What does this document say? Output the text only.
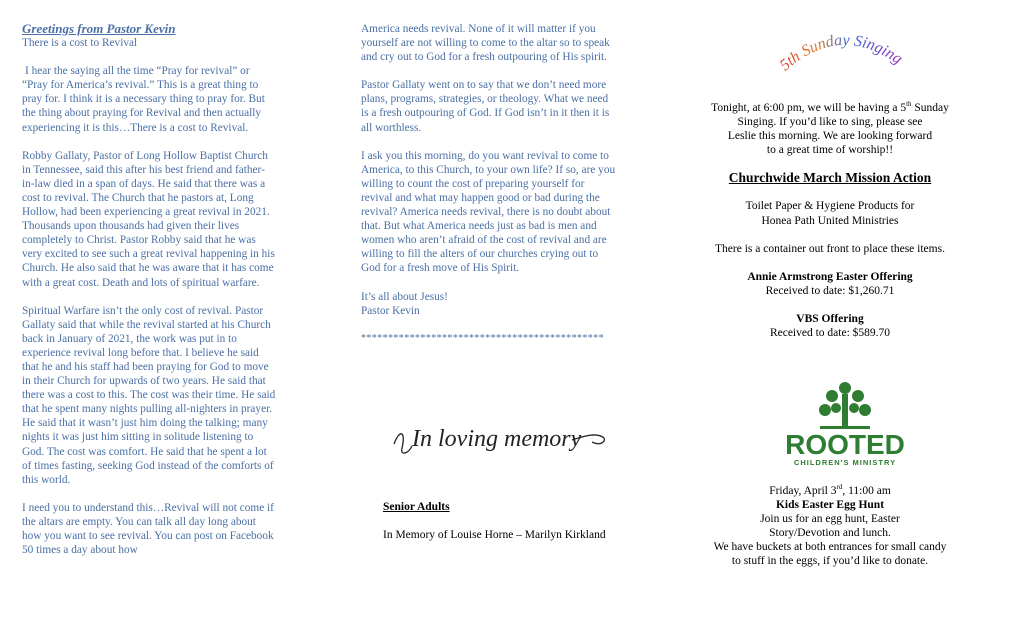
Greetings from Pastor Kevin

There is a cost to Revival

I hear the saying all the time “Pray for revival” or “Pray for America’s revival.” This is a great thing to pray for. I think it is a necessary thing to pray for. But the thing about praying for Revival and then actually experiencing it is this…There is a cost to Revival.

Robby Gallaty, Pastor of Long Hollow Baptist Church in Tennessee, said this after his best friend and father-in-law died in a span of days. He said that there was a cost to revival. The Church that he pastors at, Long Hollow, had been experiencing a great revival in 2021. Thousands upon thousands had given their lives completely to Christ. Pastor Robby said that he was very excited to see such a great revival happening in his Church. He also said that he was aware that it has come with a great cost. Death and lots of spiritual warfare.

Spiritual Warfare isn’t the only cost of revival. Pastor Gallaty said that while the revival started at his Church back in January of 2021, the work was put in to experience revival long before that. I believe he said that he and his staff had been praying for God to move in their Church for upwards of two years. He said that there was a cost to this. The cost was their time. He said that he spent many nights pulling all-nighters in prayer. He said that it wasn’t just him doing the talking; many nights it was just him sitting in solitude listening to God. The cost was comfort. He said that he spent a lot of times fasting, seeking God instead of the comforts of this world.

I need you to understand this…Revival will not come if the altars are empty. You can talk all day long about how you want to see revival. You can post on Facebook 50 times a day about how

America needs revival. None of it will matter if you yourself are not willing to come to the altar so to speak and cry out to God for a fresh outpouring of His spirit.

Pastor Gallaty went on to say that we don’t need more plans, programs, strategies, or theology. What we need is a fresh outpouring of God. If God isn’t in it then it is all worthless.

I ask you this morning, do you want revival to come to America, to this Church, to your own life? If so, are you willing to count the cost of preparing yourself for revival and what may happen good or bad during the revival? America needs revival, there is no doubt about that. But what America needs just as bad is men and women who aren’t afraid of the cost of revival and are willing to fill the alters of our churches crying out to God for a fresh move of His Spirit.

It’s all about Jesus!

Pastor Kevin

*********************************************

In loving memory

Senior Adults

In Memory of Louise Horne – Marilyn Kirkland

5th Sunday Singing

Tonight, at 6:00 pm, we will be having a 5th Sunday

Singing. If you’d like to sing, please see

Leslie this morning. We are looking forward

to a great time of worship!!

Churchwide March Mission Action

Toilet Paper & Hygiene Products for

Honea Path United Ministries

There is a container out front to place these items.

Annie Armstrong Easter Offering

Received to date: $1,260.71

VBS Offering

Received to date: $589.70

ROOTED
CHILDREN'S MINISTRY

Friday, April 3rd, 11:00 am

Kids Easter Egg Hunt

Join us for an egg hunt, Easter

Story/Devotion and lunch.

We have buckets at both entrances for small candy

to stuff in the eggs, if you’d like to donate.
